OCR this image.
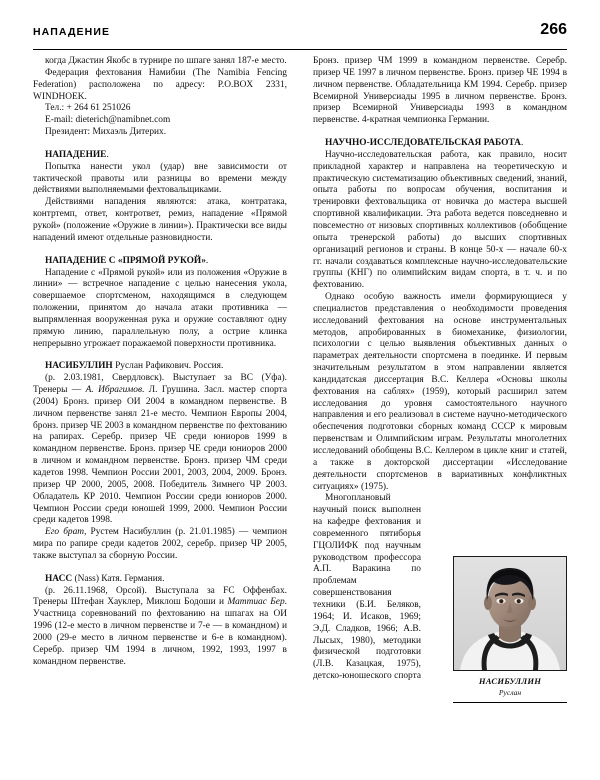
НАПАДЕНИЕ	266

когда Джастин Якобс в турнире по шпаге занял 187-е место.

Федерация фехтования Намибии (The Namibia Fencing Federation) расположена по адресу: P.O.BOX 2331, WINDHOEK.

Тел.: + 264 61 251026

E-mail: dieterich@namibnet.com

Президент: Михаэль Дитерих.

НАПАДЕНИЕ.

Попытка нанести укол (удар) вне зависимости от тактической правоты или разницы во времени между действиями выполняемыми фехтовальщиками.

Действиями нападения являются: атака, контратака, контртемп, ответ, контрответ, ремиз, нападение «Прямой рукой» (положение «Оружие в линии»). Практически все виды нападений имеют отдельные разновидности.

НАПАДЕНИЕ С «ПРЯМОЙ РУКОЙ».

Нападение с «Прямой рукой» или из положения «Оружие в линии» — встречное нападение с целью нанесения укола, совершаемое спортсменом, находящимся в следующем положении, принятом до начала атаки противника — выпрямленная вооруженная рука и оружие составляют одну прямую линию, параллельную полу, а острие клинка непрерывно угрожает поражаемой поверхности противника.

НАСИБУЛЛИН Руслан Рафикович. Россия.

(р. 2.03.1981, Свердловск). Выступает за ВС (Уфа). Тренеры — А. Ибрагимов. Л. Грушина. Засл. мастер спорта (2004) Бронз. призер ОИ 2004 в командном первенстве. В личном первенстве занял 21-е место. Чемпион Европы 2004, бронз. призер ЧЕ 2003 в командном первенстве по фехтованию на рапирах. Серебр. призер ЧЕ среди юниоров 1999 в командном первенстве. Бронз. призер ЧЕ среди юниоров 2000 в личном и командном первенстве. Бронз. призер ЧМ среди кадетов 1998. Чемпион России 2001, 2003, 2004, 2009. Бронз. призер ЧР 2000, 2005, 2008. Победитель Зимнего ЧР 2003. Обладатель КР 2010. Чемпион России среди юниоров 2000. Чемпион России среди юношей 1999, 2000. Чемпион России среди кадетов 1998.

Его брат, Рустем Насибуллин (р. 21.01.1985) — чемпион мира по рапире среди кадетов 2002, серебр. призер ЧР 2005, также выступал за сборную России.

НАСС (Nass) Катя. Германия.

(р. 26.11.1968, Орсой). Выступала за FC Оффенбах. Тренеры Штефан Хауклер, Миклош Бодоши и Маттиас Бер. Участница соревнований по фехтованию на шпагах на ОИ 1996 (12-е место в личном первенстве и 7-е — в командном) и 2000 (29-е место в личном первенстве и 6-е в командном). Серебр. призер ЧМ 1994 в личном, 1992, 1993, 1997 в командном первенстве.

Бронз. призер ЧМ 1999 в командном первенстве. Серебр. призер ЧЕ 1997 в личном первенстве. Бронз. призер ЧЕ 1994 в личном первенстве. Обладательница КМ 1994. Серебр. призер Всемирной Универсиады 1995 в личном первенстве. Бронз. призер Всемирной Универсиады 1993 в командном первенстве. 4-кратная чемпионка Германии.

НАУЧНО-ИССЛЕДОВАТЕЛЬСКАЯ РАБОТА.

Научно-исследовательская работа, как правило, носит прикладной характер и направлена на теоретическую и практическую систематизацию объективных сведений, знаний, опыта работы по вопросам обучения, воспитания и тренировки фехтовальщика от новичка до мастера высшей спортивной квалификации. Эта работа ведется повседневно и повсеместно от низовых спортивных коллективов (обобщение опыта тренерской работы) до высших спортивных организаций регионов и страны. В конце 50-х — начале 60-х гг. начали создаваться комплексные научно-исследовательские группы (КНГ) по олимпийским видам спорта, в т. ч. и по фехтованию.

Однако особую важность имели формирующиеся у специалистов представления о необходимости проведения исследований фехтования на основе инструментальных методов, апробированных в биомеханике, физиологии, психологии с целью выявления объективных данных о параметрах деятельности спортсмена в поединке. И первым значительным результатом в этом направлении является кандидатская диссертация В.С. Келлера «Основы школы фехтования на саблях» (1959), который расширил затем исследования до уровня самостоятельного научного направления и его реализовал в системе научно-методического обеспечения подготовки сборных команд СССР к мировым первенствам и Олимпийским играм. Результаты многолетних исследований обобщены В.С. Келлером в цикле книг и статей, а также в докторской диссертации «Исследование деятельности спортсменов в вариативных конфликтных ситуациях» (1975).

Многоплановый научный поиск выполнен на кафедре фехтования и современного пятиборья ГЦОЛИФК под научным руководством профессора А.П. Варакина по проблемам совершенствования техники (Б.И. Беляков, 1964; И. Исаков, 1969; Э.Д. Сладков, 1966; А.В. Лысых, 1980), методики физической подготовки (Л.В. Казацкая, 1975), детско-юношеского спорта	НАСИБУЛЛИН
Руслан
